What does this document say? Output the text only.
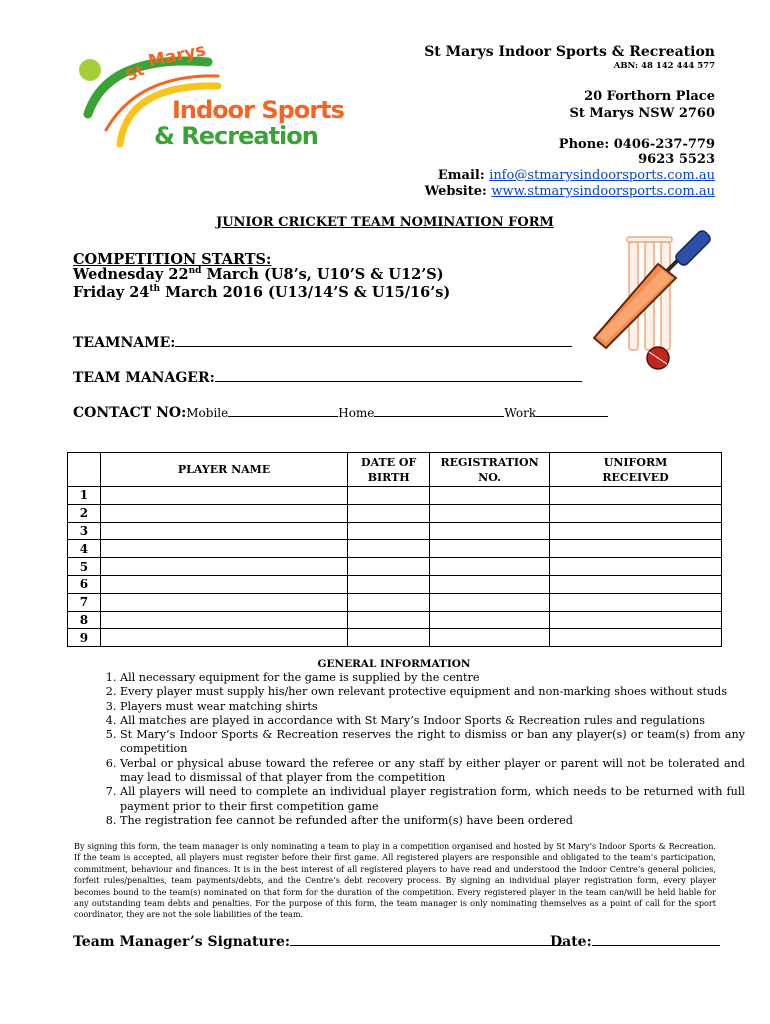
St
Marys
Indoor Sports
& Recreation
St Marys Indoor Sports & Recreation
ABN: 48 142 444 577
20 Forthorn Place
St Marys NSW 2760
Phone: 0406-237-779
9623 5523
Email: info@stmarysindoorsports.com.au
Website: www.stmarysindoorsports.com.au
JUNIOR CRICKET TEAM NOMINATION FORM
COMPETITION STARTS:
Wednesday 22nd March (U8’s, U10’S & U12’S)
Friday 24th March 2016 (U13/14’S & U15/16’s)
TEAMNAME:
TEAM MANAGER:
CONTACT NO:Mobile	Home	Work
	PLAYER NAME	DATE OF BIRTH	REGISTRATION NO.	UNIFORM RECEIVED
1				
2				
3				
4				
5				
6				
7				
8				
9				
GENERAL INFORMATION
1. All necessary equipment for the game is supplied by the centre
2. Every player must supply his/her own relevant protective equipment and non-marking shoes without studs
3. Players must wear matching shirts
4. All matches are played in accordance with St Mary’s Indoor Sports & Recreation rules and regulations
5. St Mary’s Indoor Sports & Recreation reserves the right to dismiss or ban any player(s) or team(s) from any competition
6. Verbal or physical abuse toward the referee or any staff by either player or parent will not be tolerated and may lead to dismissal of that player from the competition
7. All players will need to complete an individual player registration form, which needs to be returned with full payment prior to their first competition game
8. The registration fee cannot be refunded after the uniform(s) have been ordered
By signing this form, the team manager is only nominating a team to play in a competition organised and hosted by St Mary’s Indoor Sports & Recreation. If the team is accepted, all players must register before their first game. All registered players are responsible and obligated to the team’s participation, commitment, behaviour and finances. It is in the best interest of all registered players to have read and understood the Indoor Centre’s general policies, forfeit rules/penalties, team payments/debts, and the Centre’s debt recovery process. By signing an individual player registration form, every player becomes bound to the team(s) nominated on that form for the duration of the competition. Every registered player in the team can/will be held liable for any outstanding team debts and penalties. For the purpose of this form, the team manager is only nominating themselves as a point of call for the sport coordinator, they are not the sole liabilities of the team.
Team Manager’s Signature:	Date:
